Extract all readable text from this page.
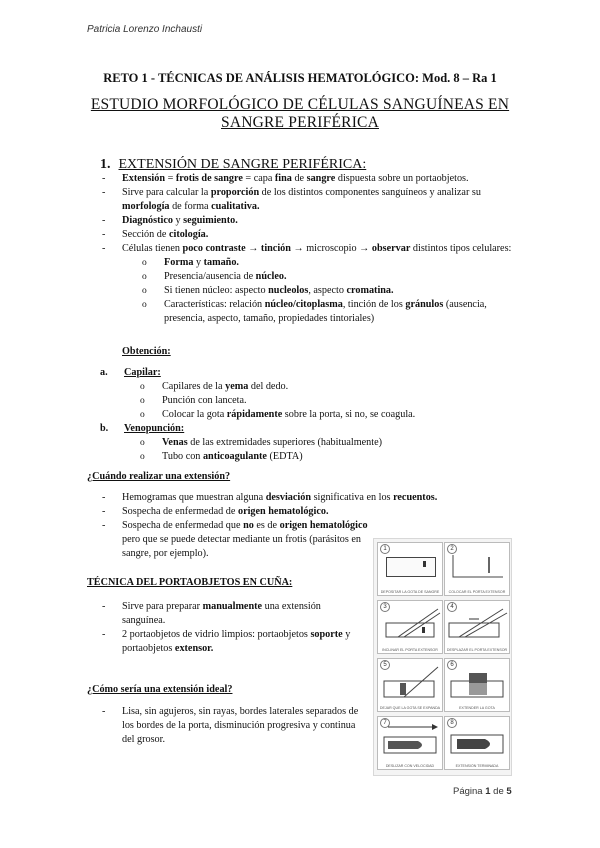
Patricia Lorenzo Inchausti
RETO 1 - TÉCNICAS DE ANÁLISIS HEMATOLÓGICO: Mod. 8 – Ra 1
ESTUDIO MORFOLÓGICO DE CÉLULAS SANGUÍNEAS EN SANGRE PERIFÉRICA
1. EXTENSIÓN DE SANGRE PERIFÉRICA:
- Extensión = frotis de sangre = capa fina de sangre dispuesta sobre un portaobjetos.
- Sirve para calcular la proporción de los distintos componentes sanguíneos y analizar su morfología de forma cualitativa.
- Diagnóstico y seguimiento.
- Sección de citología.
- Células tienen poco contraste → tinción → microscopio → observar distintos tipos celulares:
o Forma y tamaño.
o Presencia/ausencia de núcleo.
o Si tienen núcleo: aspecto nucleolos, aspecto cromatina.
o Características: relación núcleo/citoplasma, tinción de los gránulos (ausencia, presencia, aspecto, tamaño, propiedades tintoriales)
Obtención:
a. Capilar:
o Capilares de la yema del dedo.
o Punción con lanceta.
o Colocar la gota rápidamente sobre la porta, si no, se coagula.
b. Venopunción:
o Venas de las extremidades superiores (habitualmente)
o Tubo con anticoagulante (EDTA)
¿Cuándo realizar una extensión?
- Hemogramas que muestran alguna desviación significativa en los recuentos.
- Sospecha de enfermedad de origen hematológico.
- Sospecha de enfermedad que no es de origen hematológico pero que se puede detectar mediante un frotis (parásitos en sangre, por ejemplo).
TÉCNICA DEL PORTAOBJETOS EN CUÑA:
- Sirve para preparar manualmente una extensión sanguínea.
- 2 portaobjetos de vidrio limpios: portaobjetos soporte y portaobjetos extensor.
¿Cómo sería una extensión ideal?
- Lisa, sin agujeros, sin rayas, bordes laterales separados de los bordes de la porta, disminución progresiva y continua del grosor.
1
DEPOSITAR LA GOTA DE SANGRE
2
COLOCAR EL PORTA EXTENSOR
3
INCLINAR EL PORTA EXTENSOR
4
DESPLAZAR EL PORTA EXTENSOR
5
DEJAR QUE LA GOTA SE EXPANDA
6
EXTENDER LA GOTA
7
DESLIZAR CON VELOCIDAD
8
EXTENSIÓN TERMINADA
Página 1 de 5
